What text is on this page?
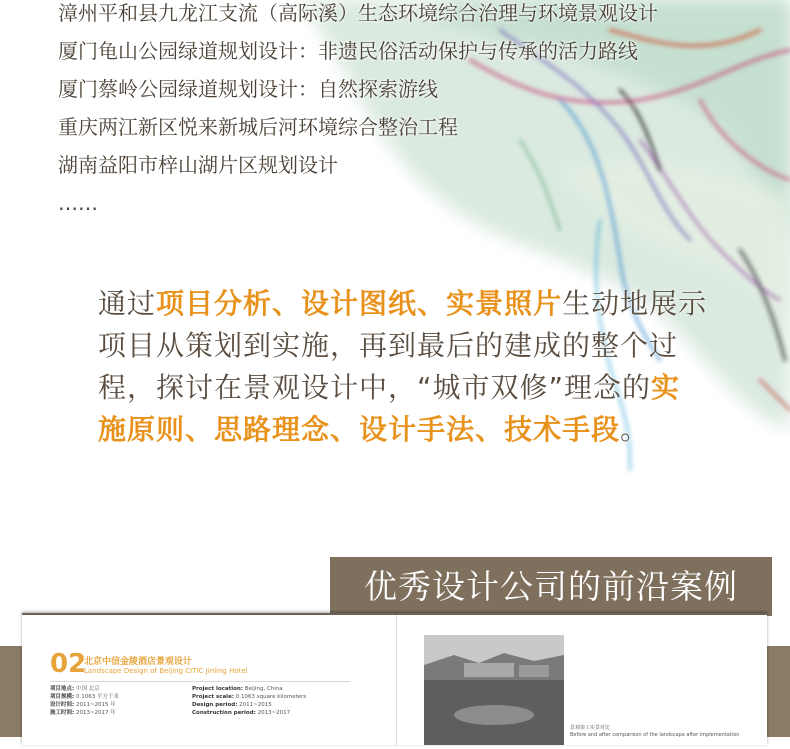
漳州平和县九龙江支流（高际溪）生态环境综合治理与环境景观设计
厦门龟山公园绿道规划设计：非遗民俗活动保护与传承的活力路线
厦门蔡岭公园绿道规划设计：自然探索游线
重庆两江新区悦来新城后河环境综合整治工程
湖南益阳市梓山湖片区规划设计
……
通过项目分析、设计图纸、实景照片生动地展示项目从策划到实施，再到最后的建成的整个过程，探讨在景观设计中，“城市双修”理念的实施原则、思路理念、设计手法、技术手段。
优秀设计公司的前沿案例
02
北京中信金陵酒店景观设计
Landscape Design of Beijing CITIC Jinling Hotel
项目地点: 中国 北京
项目规模: 0.1063 平方千米
设计时间: 2011~2015 年
施工时间: 2013~2017 年
Project location: Beijing, China
Project scale: 0.1063 square kilometers
Design period: 2011~2015
Construction period: 2013~2017
景观竣工实景对比
Before and after comparison of the landscape after implementation
